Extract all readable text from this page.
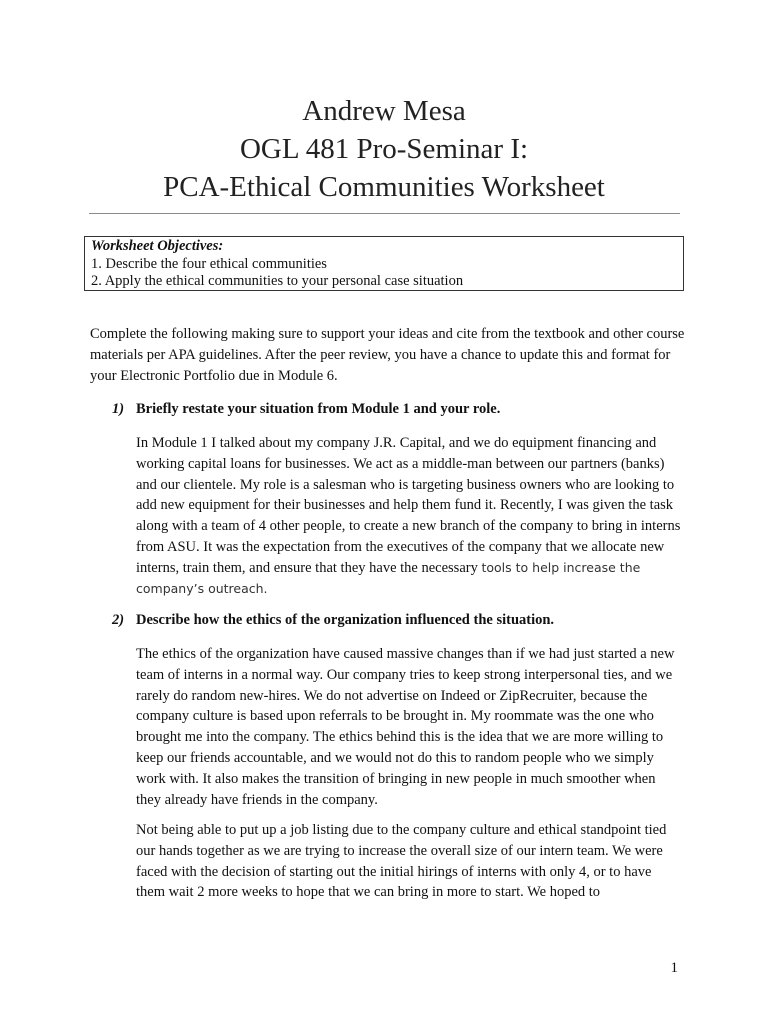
Andrew Mesa
OGL 481 Pro-Seminar I:
PCA-Ethical Communities Worksheet
Worksheet Objectives:
1. Describe the four ethical communities
2. Apply the ethical communities to your personal case situation

Complete the following making sure to support your ideas and cite from the textbook and other course materials per APA guidelines. After the peer review, you have a chance to update this and format for your Electronic Portfolio due in Module 6.

1) Briefly restate your situation from Module 1 and your role.

In Module 1 I talked about my company J.R. Capital, and we do equipment financing and working capital loans for businesses. We act as a middle-man between our partners (banks) and our clientele. My role is a salesman who is targeting business owners who are looking to add new equipment for their businesses and help them fund it. Recently, I was given the task along with a team of 4 other people, to create a new branch of the company to bring in interns from ASU. It was the expectation from the executives of the company that we allocate new interns, train them, and ensure that they have the necessary tools to help increase the company’s outreach.

2) Describe how the ethics of the organization influenced the situation.

The ethics of the organization have caused massive changes than if we had just started a new team of interns in a normal way. Our company tries to keep strong interpersonal ties, and we rarely do random new-hires. We do not advertise on Indeed or ZipRecruiter, because the company culture is based upon referrals to be brought in. My roommate was the one who brought me into the company. The ethics behind this is the idea that we are more willing to keep our friends accountable, and we would not do this to random people who we simply work with. It also makes the transition of bringing in new people in much smoother when they already have friends in the company.

Not being able to put up a job listing due to the company culture and ethical standpoint tied our hands together as we are trying to increase the overall size of our intern team. We were faced with the decision of starting out the initial hirings of interns with only 4, or to have them wait 2 more weeks to hope that we can bring in more to start. We hoped to

1
